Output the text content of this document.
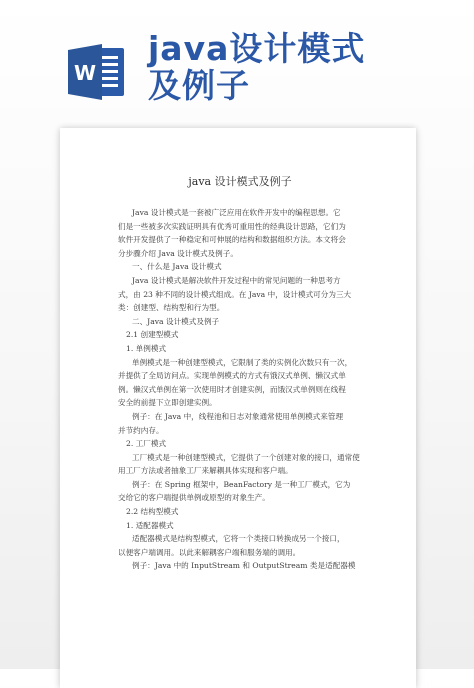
W
java设计模式
及例子
java 设计模式及例子
Java 设计模式是一套被广泛应用在软件开发中的编程思想。它
们是一些被多次实践证明具有优秀可重用性的经典设计思路，它们为
软件开发提供了一种稳定和可伸展的结构和数据组织方法。本文将会
分步骤介绍 Java 设计模式及例子。
一、什么是 Java 设计模式
Java 设计模式是解决软件开发过程中的常见问题的一种思考方
式，由 23 种不同的设计模式组成。在 Java 中，设计模式可分为三大
类：创建型、结构型和行为型。
二、Java 设计模式及例子
2.1 创建型模式
1. 单例模式
单例模式是一种创建型模式，它限制了类的实例化次数只有一次，
并提供了全局访问点。实现单例模式的方式有饿汉式单例、懒汉式单
例。懒汉式单例在第一次使用时才创建实例，而饿汉式单例则在线程
安全的前提下立即创建实例。
例子：在 Java 中，线程池和日志对象通常使用单例模式来管理
并节约内存。
2. 工厂模式
工厂模式是一种创建型模式，它提供了一个创建对象的接口，通常使
用工厂方法或者抽象工厂来解耦具体实现和客户端。
例子：在 Spring 框架中，BeanFactory 是一种工厂模式，它为
交给它的客户端提供单例或原型的对象生产。
2.2 结构型模式
1. 适配器模式
适配器模式是结构型模式，它将一个类接口转换成另一个接口，
以便客户端调用。以此来解耦客户端和服务端的调用。
例子：Java 中的 InputStream 和 OutputStream 类是适配器模
